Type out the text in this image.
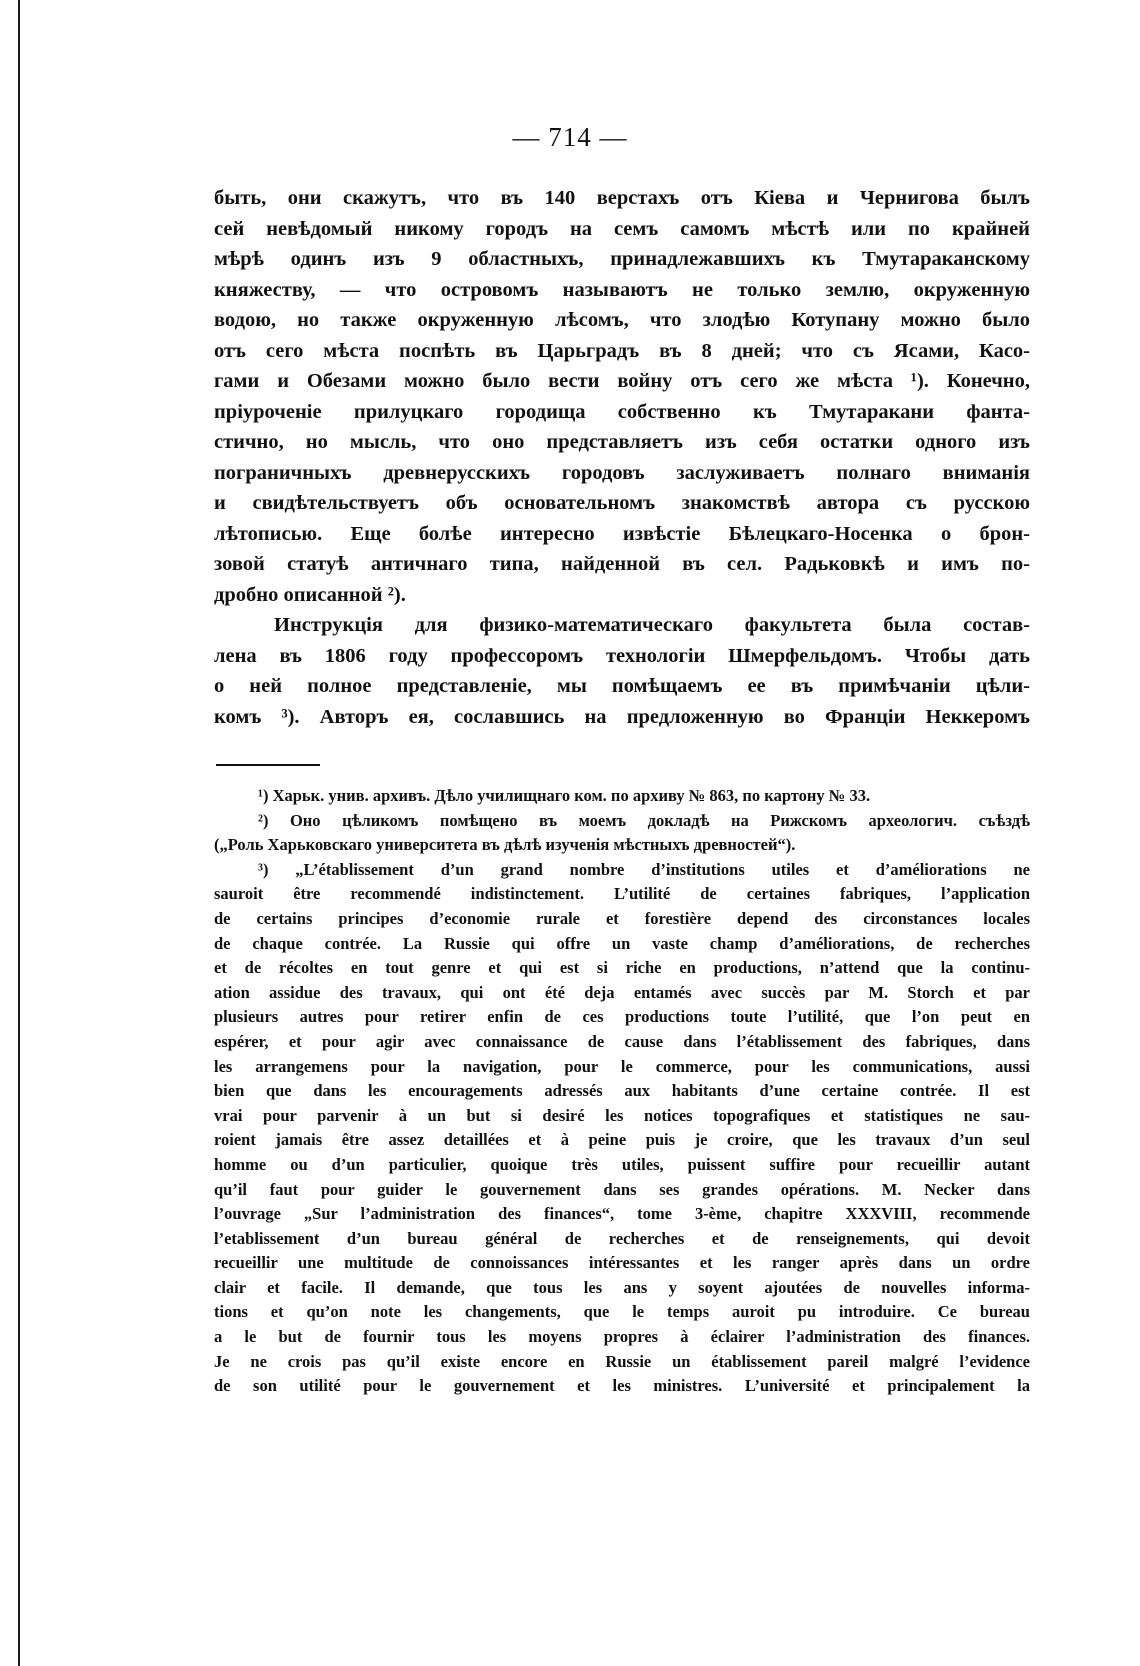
— 714 —
быть, они скажутъ, что въ 140 верстахъ отъ Кіева и Чернигова былъ
сей невѣдомый никому городъ на семъ самомъ мѣстѣ или по крайней
мѣрѣ одинъ изъ 9 областныхъ, принадлежавшихъ къ Тмутараканскому
княжеству, — что островомъ называютъ не только землю, окруженную
водою, но также окруженную лѣсомъ, что злодѣю Котупану можно было
отъ сего мѣста поспѣть въ Царьградъ въ 8 дней; что съ Ясами, Касо-
гами и Обезами можно было вести войну отъ сего же мѣста ¹). Конечно,
пріуроченіе прилуцкаго городища собственно къ Тмутаракани фанта-
стично, но мысль, что оно представляетъ изъ себя остатки одного изъ
пограничныхъ древнерусскихъ городовъ заслуживаетъ полнаго вниманія
и свидѣтельствуетъ объ основательномъ знакомствѣ автора съ русскою
лѣтописью. Еще болѣе интересно извѣстіе Бѣлецкаго-Носенка о брон-
зовой статуѣ античнаго типа, найденной въ сел. Радьковкѣ и имъ по-
дробно описанной ²).
Инструкція для физико-математическаго факультета была состав-
лена въ 1806 году профессоромъ технологіи Шмерфельдомъ. Чтобы дать
о ней полное представленіе, мы помѣщаемъ ее въ примѣчаніи цѣли-
комъ ³). Авторъ ея, сославшись на предложенную во Франціи Неккеромъ
¹) Харьк. унив. архивъ. Дѣло училищнаго ком. по архиву № 863, по картону № 33.
²) Оно цѣликомъ помѣщено въ моемъ докладѣ на Рижскомъ археологич. съѣздѣ
(„Роль Харьковскаго университета въ дѣлѣ изученія мѣстныхъ древностей“).
³) „L’établissement d’un grand nombre d’institutions utiles et d’améliorations ne
sauroit être recommendé indistinctement. L’utilité de certaines fabriques, l’application
de certains principes d’economie rurale et forestière depend des circonstances locales
de chaque contrée. La Russie qui offre un vaste champ d’améliorations, de recherches
et de récoltes en tout genre et qui est si riche en productions, n’attend que la continu-
ation assidue des travaux, qui ont été deja entamés avec succès par M. Storch et par
plusieurs autres pour retirer enfin de ces productions toute l’utilité, que l’on peut en
espérer, et pour agir avec connaissance de cause dans l’établissement des fabriques, dans
les arrangemens pour la navigation, pour le commerce, pour les communications, aussi
bien que dans les encouragements adressés aux habitants d’une certaine contrée. Il est
vrai pour parvenir à un but si desiré les notices topografiques et statistiques ne sau-
roient jamais être assez detaillées et à peine puis je croire, que les travaux d’un seul
homme ou d’un particulier, quoique très utiles, puissent suffire pour recueillir autant
qu’il faut pour guider le gouvernement dans ses grandes opérations. M. Necker dans
l’ouvrage „Sur l’administration des finances“, tome 3-ème, chapitre XXXVIII, recommende
l’etablissement d’un bureau général de recherches et de renseignements, qui devoit
recueillir une multitude de connoissances intéressantes et les ranger après dans un ordre
clair et facile. Il demande, que tous les ans y soyent ajoutées de nouvelles informa-
tions et qu’on note les changements, que le temps auroit pu introduire. Ce bureau
a le but de fournir tous les moyens propres à éclairer l’administration des finances.
Je ne crois pas qu’il existe encore en Russie un établissement pareil malgré l’evidence
de son utilité pour le gouvernement et les ministres. L’université et principalement la
